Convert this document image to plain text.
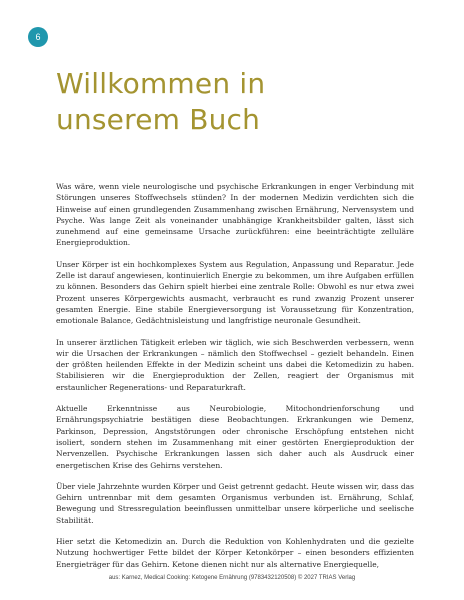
6
Willkommen in
unserem Buch

Was wäre, wenn viele neurologische und psychische Erkrankungen in enger Verbindung mit Störungen unseres Stoffwechsels stünden? In der modernen Medizin verdichten sich die Hinweise auf einen grundlegenden Zusammenhang zwischen Ernährung, Nervensystem und Psyche. Was lange Zeit als voneinander unabhängige Krankheitsbilder galten, lässt sich zunehmend auf eine gemeinsame Ursache zurückführen: eine beeinträchtigte zelluläre Energieproduktion.

Unser Körper ist ein hochkomplexes System aus Regulation, Anpassung und Reparatur. Jede Zelle ist darauf angewiesen, kontinuierlich Energie zu bekommen, um ihre Aufgaben erfüllen zu können. Besonders das Gehirn spielt hierbei eine zentrale Rolle: Obwohl es nur etwa zwei Prozent unseres Körpergewichts ausmacht, verbraucht es rund zwanzig Prozent unserer gesamten Energie. Eine stabile Energieversorgung ist Voraussetzung für Konzentration, emotionale Balance, Gedächtnisleistung und langfristige neuronale Gesundheit.

In unserer ärztlichen Tätigkeit erleben wir täglich, wie sich Beschwerden verbessern, wenn wir die Ursachen der Erkrankungen – nämlich den Stoffwechsel – gezielt behandeln. Einen der größten heilenden Effekte in der Medizin scheint uns dabei die Ketomedizin zu haben. Stabilisieren wir die Energieproduktion der Zellen, reagiert der Organismus mit erstaunlicher Regenerations- und Reparaturkraft.

Aktuelle Erkenntnisse aus Neurobiologie, Mitochondrienforschung und Ernährungspsychiatrie bestätigen diese Beobachtungen. Erkrankungen wie Demenz, Parkinson, Depression, Angststörungen oder chronische Erschöpfung entstehen nicht isoliert, sondern stehen im Zusammenhang mit einer gestörten Energieproduktion der Nervenzellen. Psychische Erkrankungen lassen sich daher auch als Ausdruck einer energetischen Krise des Gehirns verstehen.

Über viele Jahrzehnte wurden Körper und Geist getrennt gedacht. Heute wissen wir, dass das Gehirn untrennbar mit dem gesamten Organismus verbunden ist. Ernährung, Schlaf, Bewegung und Stressregulation beeinflussen unmittelbar unsere körperliche und seelische Stabilität.

Hier setzt die Ketomedizin an. Durch die Reduktion von Kohlenhydraten und die gezielte Nutzung hochwertiger Fette bildet der Körper Ketonkörper – einen besonders effizienten Energieträger für das Gehirn. Ketone dienen nicht nur als alternative Energiequelle,

aus: Karnez, Medical Cooking: Ketogene Ernährung (9783432120508) © 2027 TRIAS Verlag
